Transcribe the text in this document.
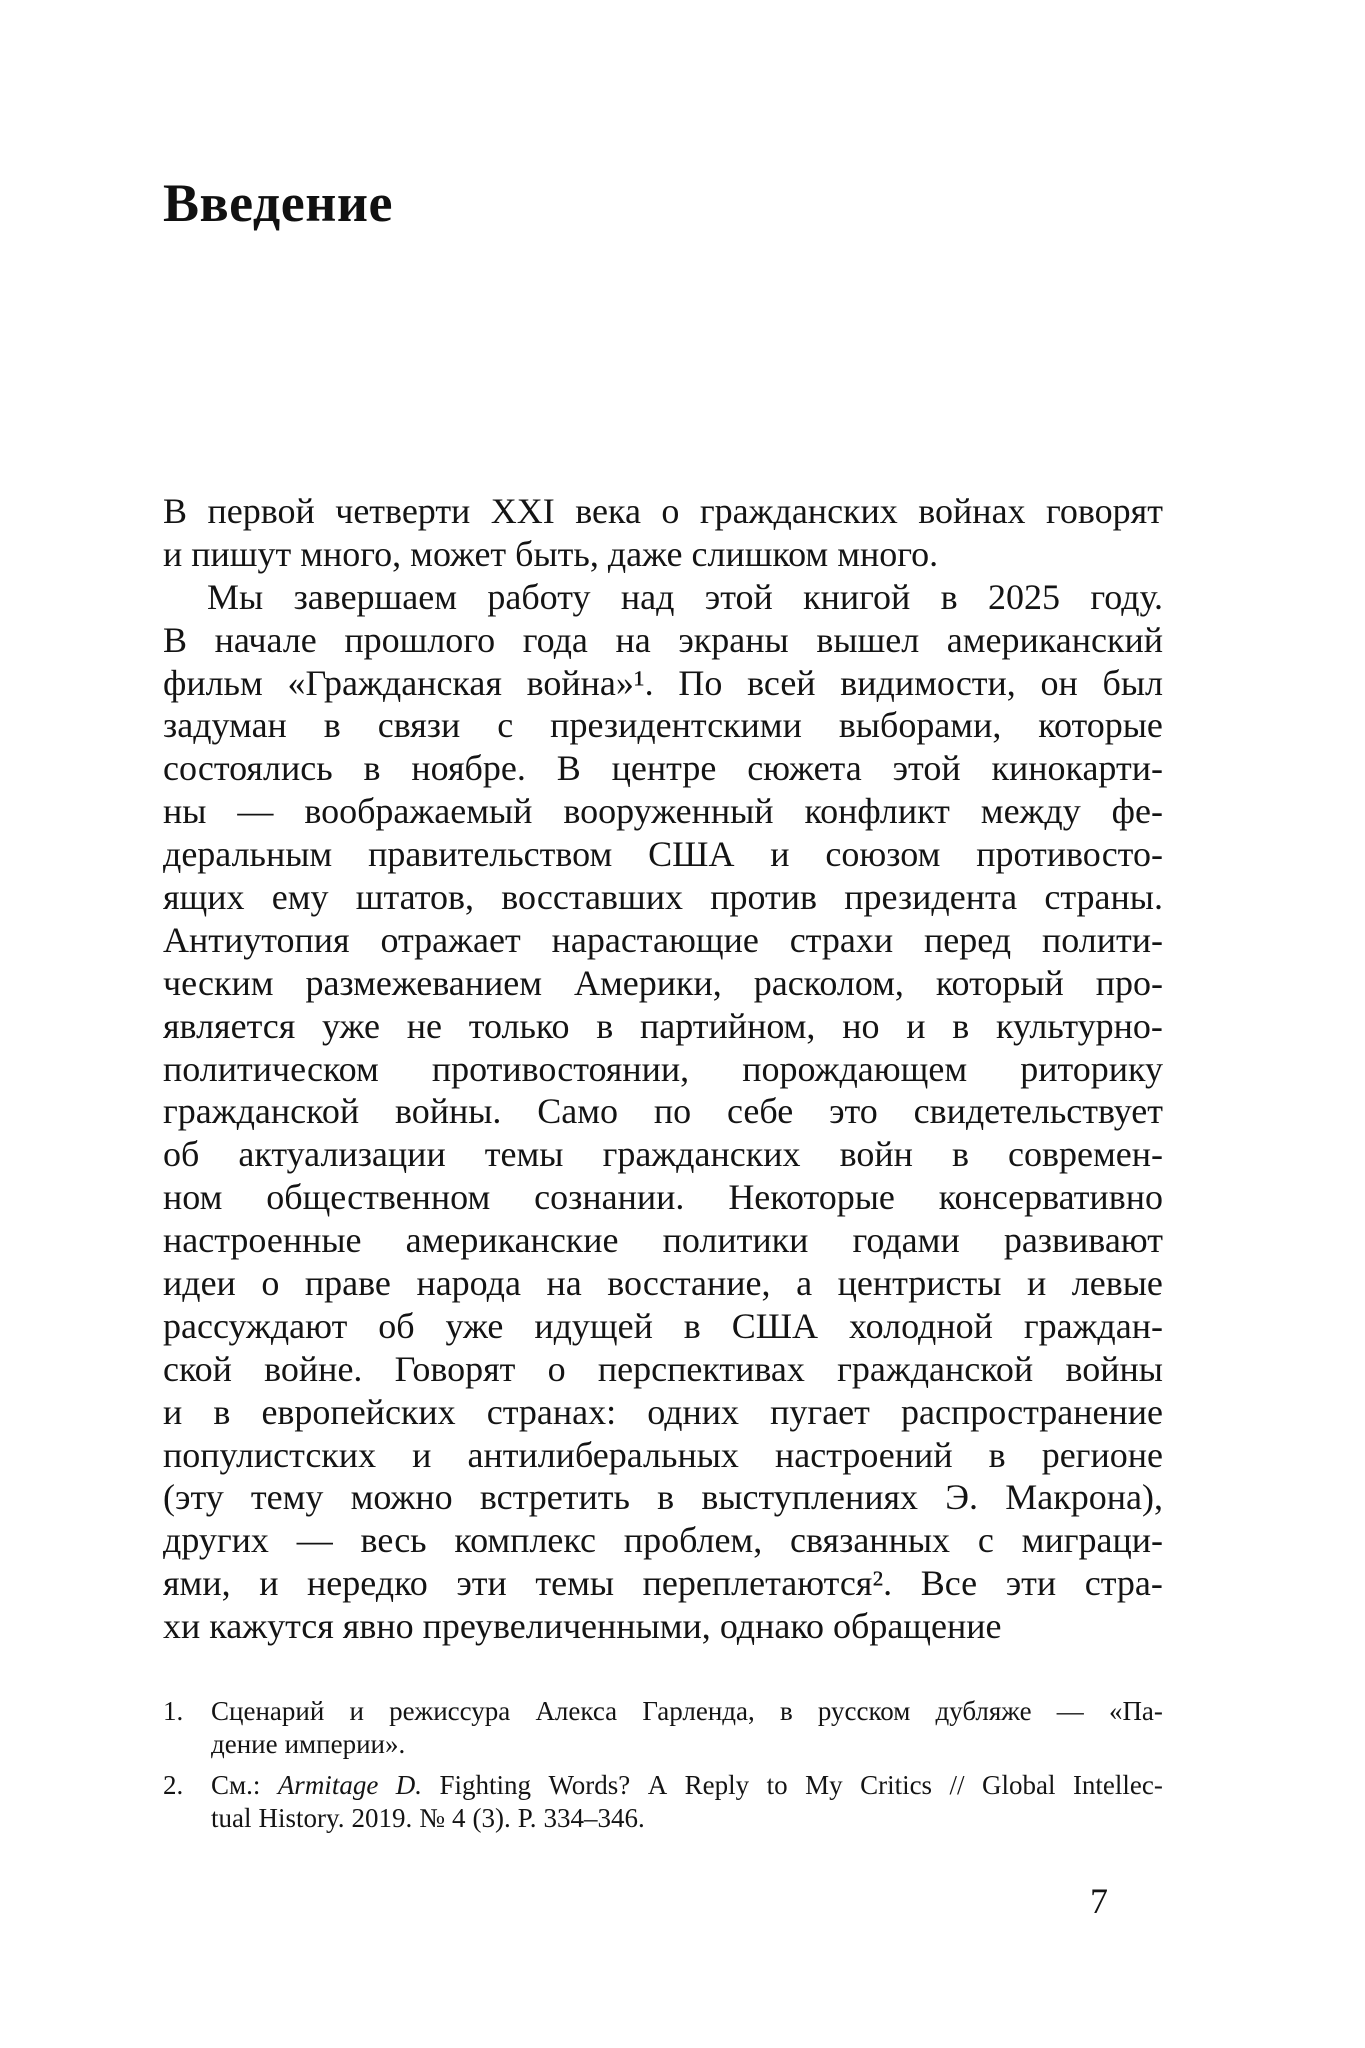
Введение
В первой четверти XXI века о гражданских войнах говорят
и пишут много, может быть, даже слишком много.
Мы завершаем работу над этой книгой в 2025 году.
В начале прошлого года на экраны вышел американский
фильм «Гражданская война»¹. По всей видимости, он был
задуман в связи с президентскими выборами, которые
состоялись в ноябре. В центре сюжета этой кинокарти-
ны — воображаемый вооруженный конфликт между фе-
деральным правительством США и союзом противосто-
ящих ему штатов, восставших против президента страны.
Антиутопия отражает нарастающие страхи перед полити-
ческим размежеванием Америки, расколом, который про-
является уже не только в партийном, но и в культурно-
политическом противостоянии, порождающем риторику
гражданской войны. Само по себе это свидетельствует
об актуализации темы гражданских войн в современ-
ном общественном сознании. Некоторые консервативно
настроенные американские политики годами развивают
идеи о праве народа на восстание, а центристы и левые
рассуждают об уже идущей в США холодной граждан-
ской войне. Говорят о перспективах гражданской войны
и в европейских странах: одних пугает распространение
популистских и антилиберальных настроений в регионе
(эту тему можно встретить в выступлениях Э. Макрона),
других — весь комплекс проблем, связанных с миграци-
ями, и нередко эти темы переплетаются². Все эти стра-
хи кажутся явно преувеличенными, однако обращение
1. Сценарий и режиссура Алекса Гарленда, в русском дубляже — «Па-
дение империи».
2. См.: Armitage D. Fighting Words? A Reply to My Critics // Global Intellec-
tual History. 2019. № 4 (3). P. 334–346.
7
